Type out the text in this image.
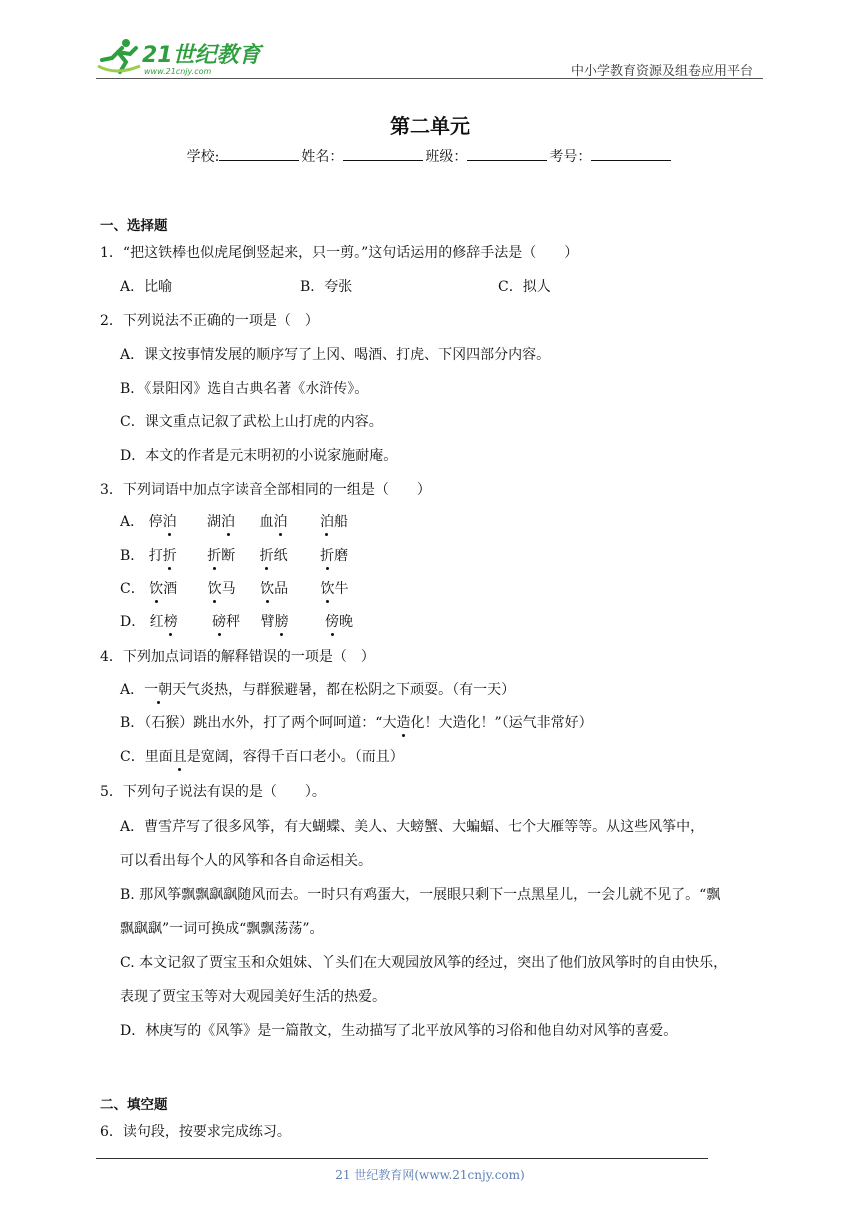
21世纪教育
www.21cnjy.com	中小学教育资源及组卷应用平台
第二单元
学校:	姓名：	班级：	考号：
一、选择题
1．“把这铁棒也似虎尾倒竖起来，只一剪。”这句话运用的修辞手法是（　　）
A．比喻	B．夸张	C．拟人
2．下列说法不正确的一项是（　）
A．课文按事情发展的顺序写了上冈、喝酒、打虎、下冈四部分内容。
B．《景阳冈》选自古典名著《水浒传》。
C．课文重点记叙了武松上山打虎的内容。
D．本文的作者是元末明初的小说家施耐庵。
3．下列词语中加点字读音全部相同的一组是（　　）
A． 停泊 湖泊 血泊 泊船
B． 打折 折断 折纸 折磨
C． 饮酒 饮马 饮品 饮牛
D． 红榜 磅秤 臂膀	傍晚
4．下列加点词语的解释错误的一项是（　）
A．一朝天气炎热，与群猴避暑，都在松阴之下顽耍。（有一天）
B．（石猴）跳出水外，打了两个呵呵道：“大造化！大造化！”（运气非常好）
C．里面且是宽阔，容得千百口老小。（而且）
5．下列句子说法有误的是（　　）。
A．曹雪芹写了很多风筝，有大蝴蝶、美人、大螃蟹、大蝙蝠、七个大雁等等。从这些风筝中，
可以看出每个人的风筝和各自命运相关。
B. 那风筝飘飘飖飖随风而去。一时只有鸡蛋大，一展眼只剩下一点黑星儿，一会儿就不见了。“飘
飘飖飖”一词可换成“飘飘荡荡”。
C. 本文记叙了贾宝玉和众姐妹、丫头们在大观园放风筝的经过，突出了他们放风筝时的自由快乐，
表现了贾宝玉等对大观园美好生活的热爱。
D．林庚写的《风筝》是一篇散文，生动描写了北平放风筝的习俗和他自幼对风筝的喜爱。
二、填空题
6．读句段，按要求完成练习。
21 世纪教育网(www.21cnjy.com)
